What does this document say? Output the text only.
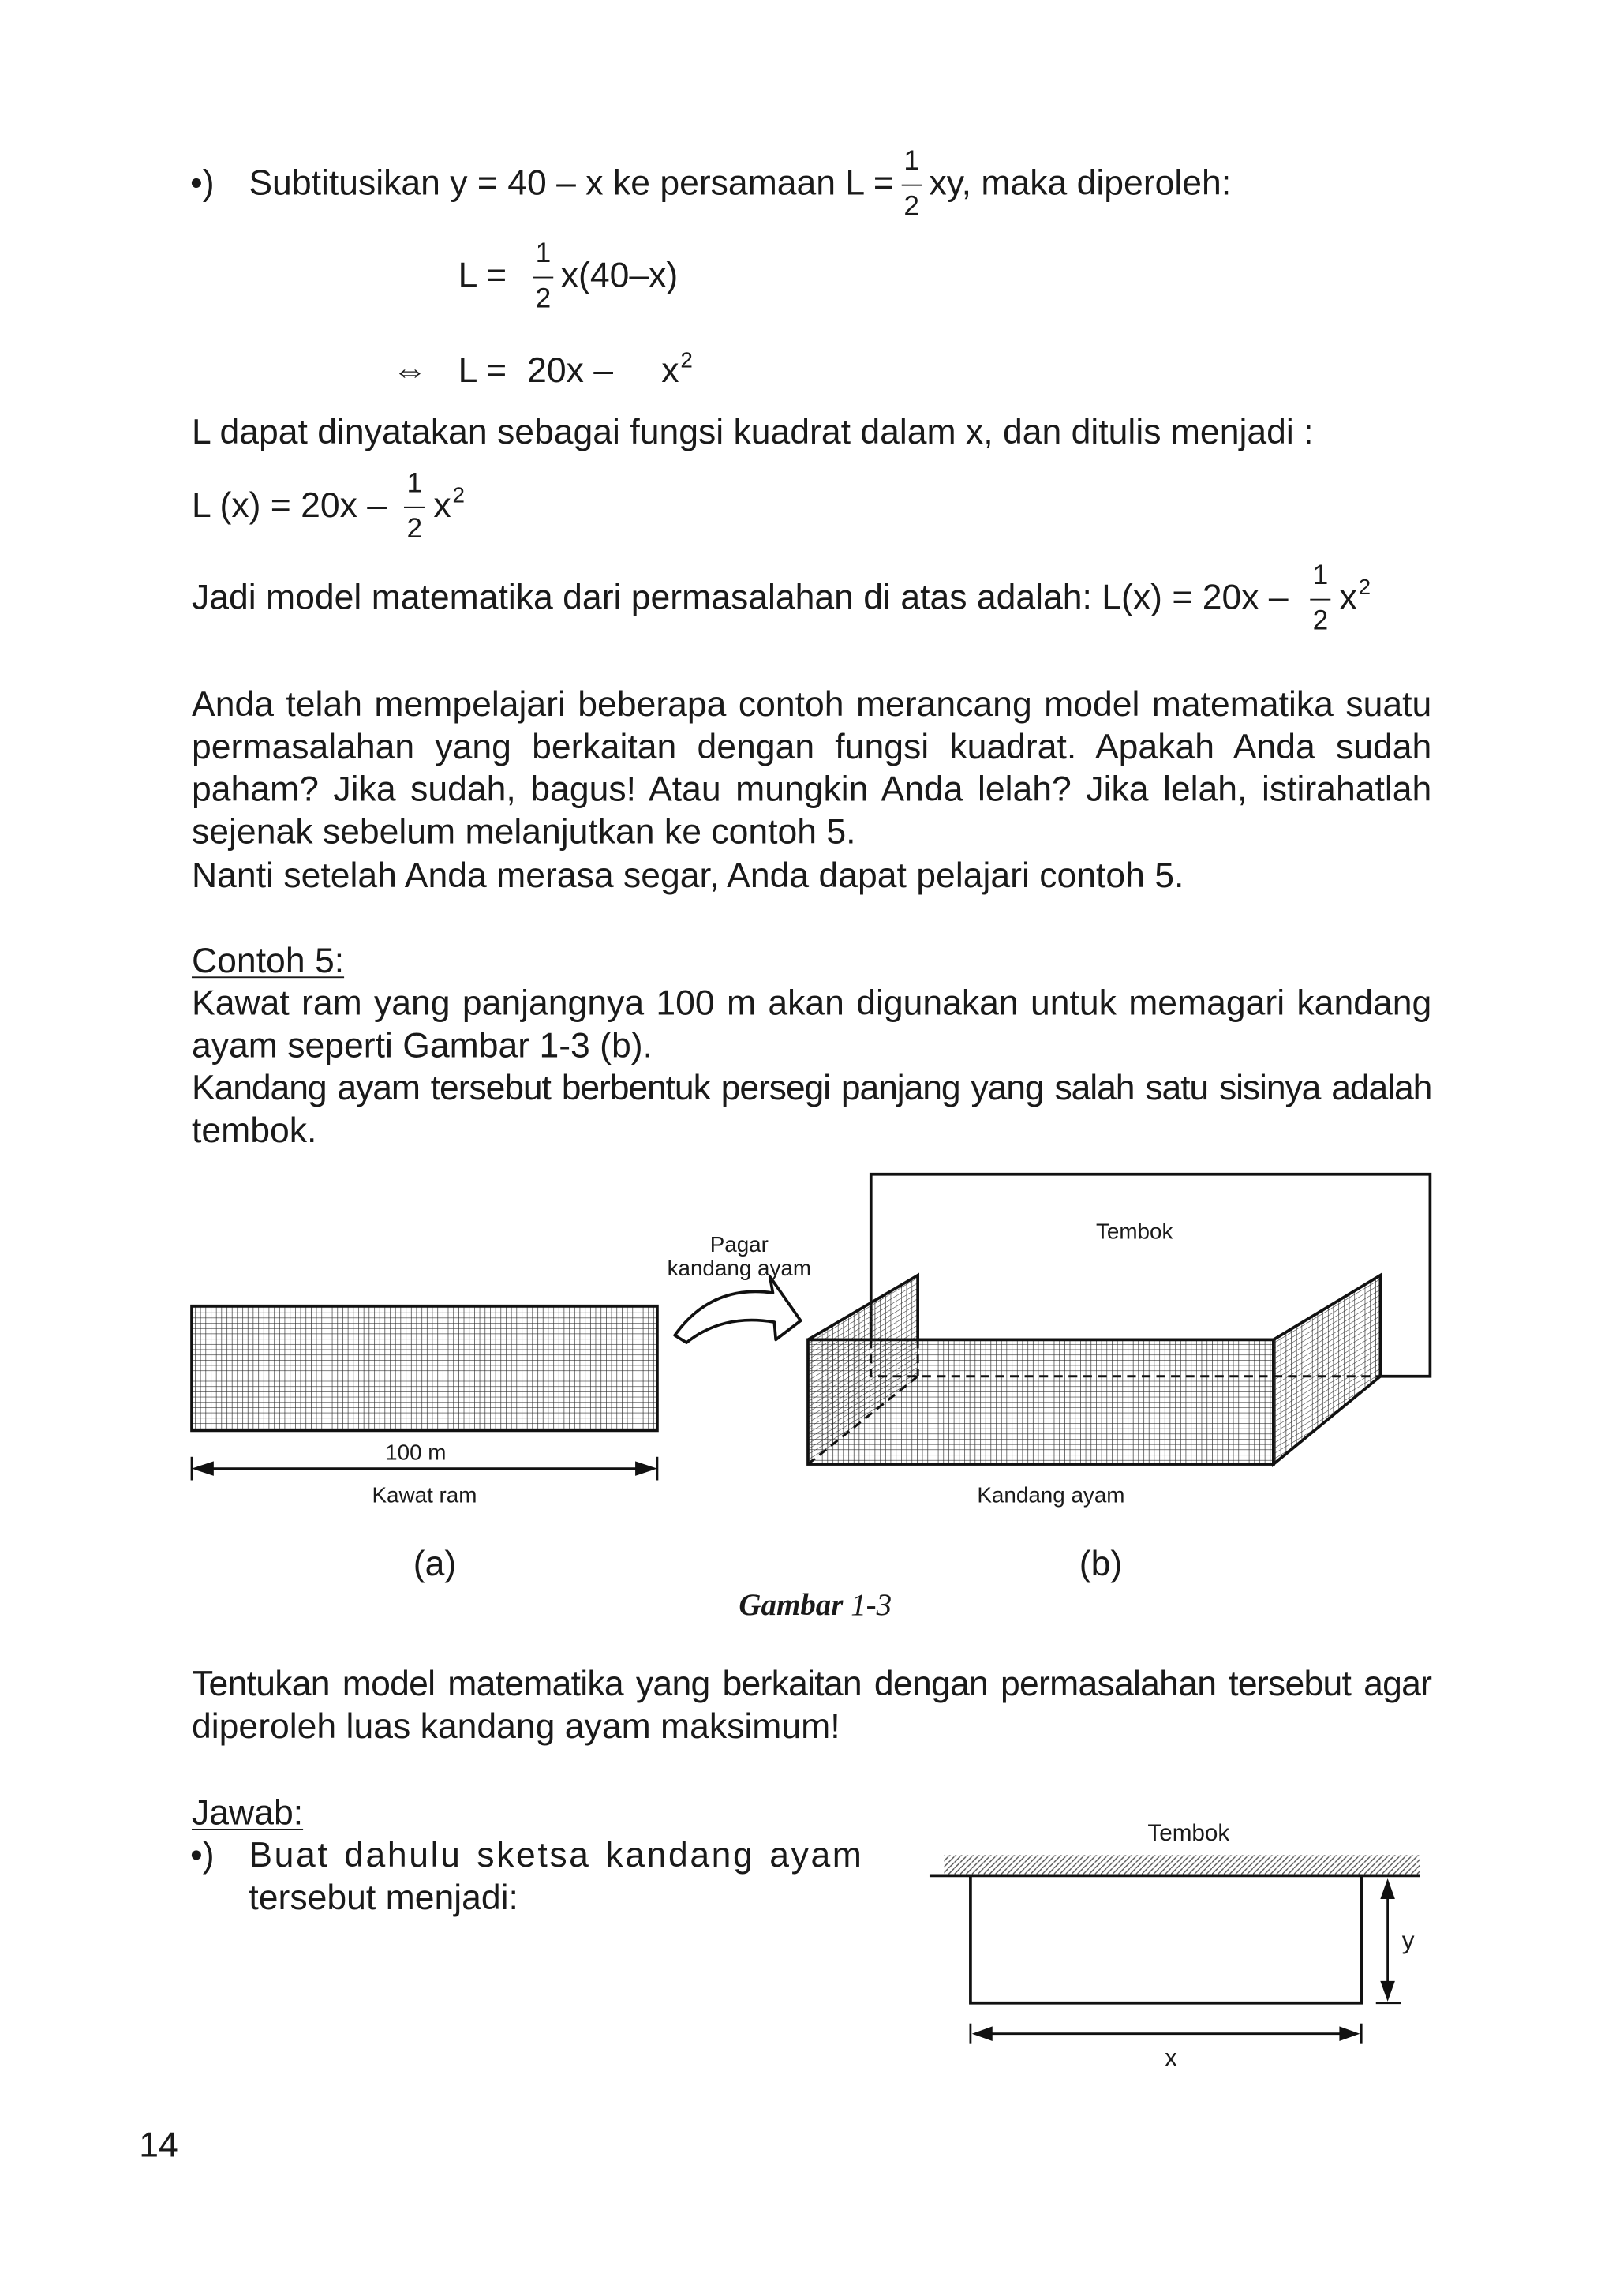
•) Subtitusikan y = 40 – x ke persamaan $L = \frac{1}{2}$ xy, maka diperoleh:
$L = \frac{1}{2} x(40-x)$
⇔ L = 20x –	x $^2$
L dapat dinyatakan sebagai fungsi kuadrat dalam x, dan ditulis menjadi :
L $(x) = 20x - \frac{1}{2}$ x $^2$
Jadi model matematika dari permasalahan di atas adalah: $L(x) = 20x - \frac{1}{2}$ x $^2$
Anda telah mempelajari beberapa contoh merancang model matematika suatu
permasalahan yang berkaitan dengan fungsi kuadrat. Apakah Anda sudah
paham? Jika sudah, bagus! Atau mungkin Anda lelah? Jika lelah, istirahatlah
sejenak sebelum melanjutkan ke contoh 5.
Nanti setelah Anda merasa segar, Anda dapat pelajari contoh 5.
Contoh 5:
Kawat ram yang panjangnya 100 m akan digunakan untuk memagari kandang
ayam seperti Gambar 1-3 (b).
Kandang ayam tersebut berbentuk persegi panjang yang salah satu sisinya adalah
tembok.
100 m
Kawat ram
Pagar
kandang ayam
Tembok
Kandang ayam
(a)	(b)
Gambar 1-3
Tentukan model matematika yang berkaitan dengan permasalahan tersebut agar
diperoleh luas kandang ayam maksimum!
Jawab:
•) Buat dahulu sketsa kandang ayam
tersebut menjadi:
Tembok
y
x
14
